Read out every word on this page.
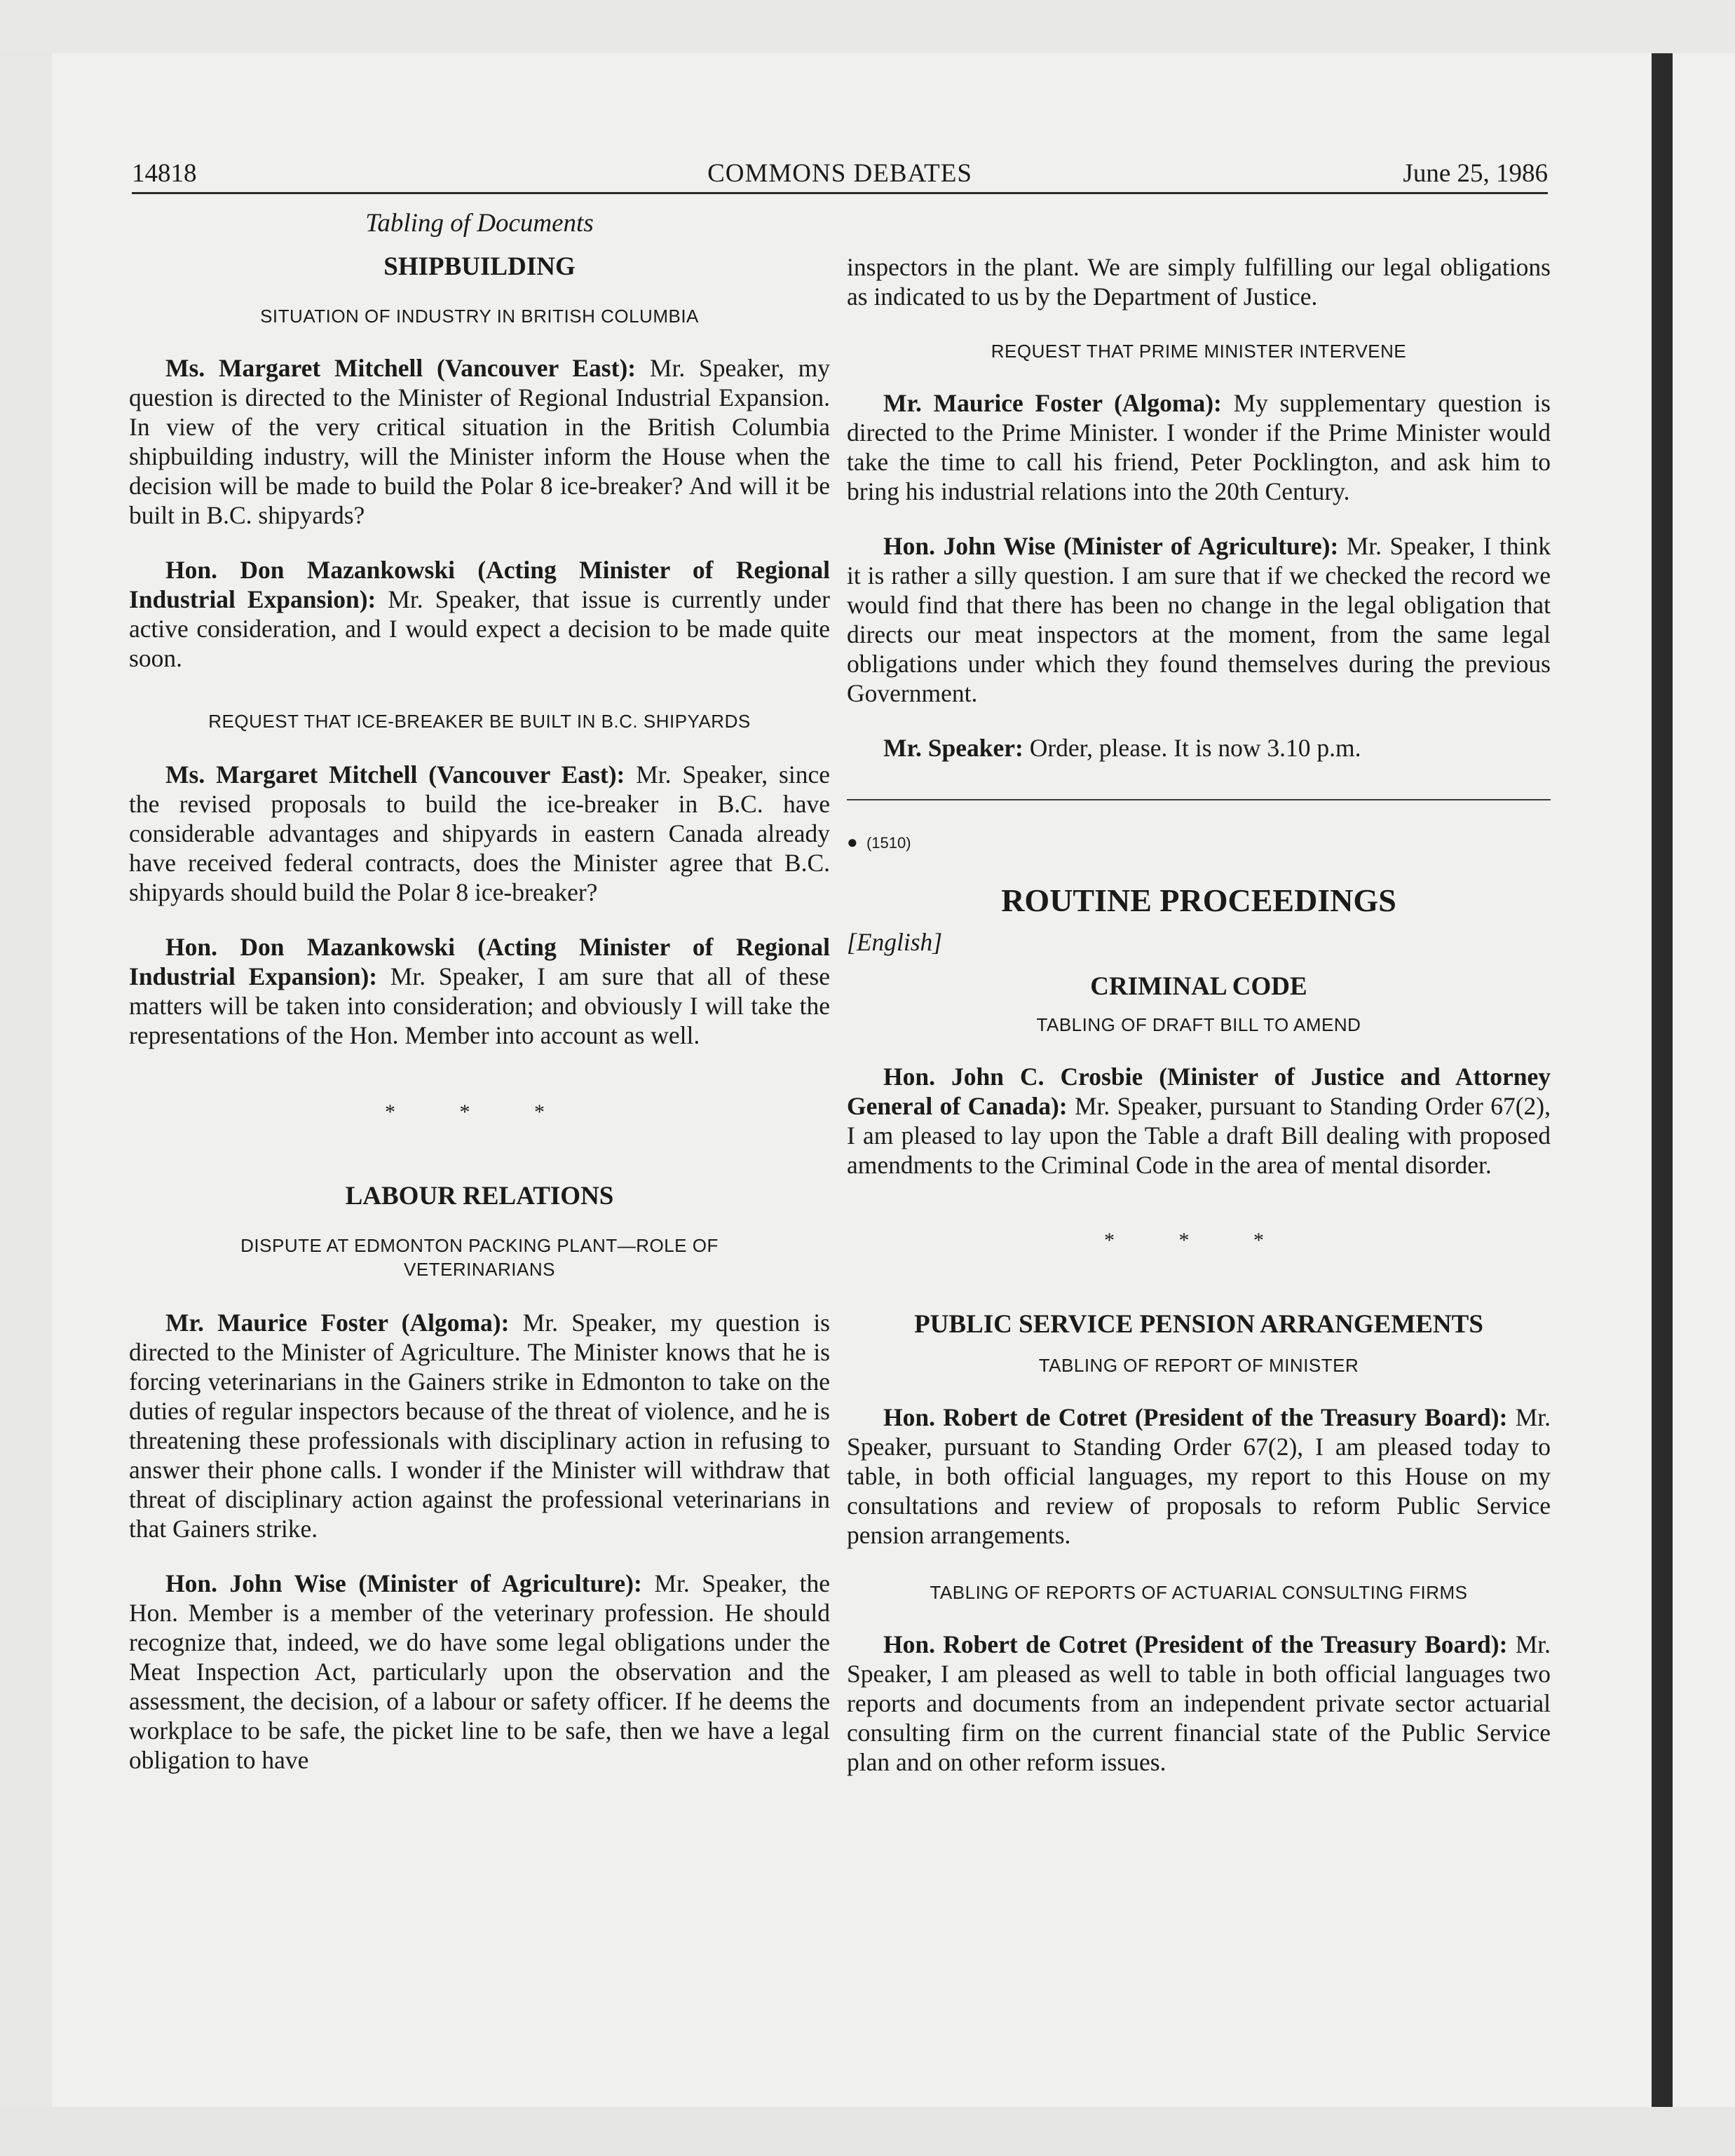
14818	COMMONS DEBATES	June 25, 1986

Tabling of Documents

SHIPBUILDING

SITUATION OF INDUSTRY IN BRITISH COLUMBIA

Ms. Margaret Mitchell (Vancouver East): Mr. Speaker, my question is directed to the Minister of Regional Industrial Expansion. In view of the very critical situation in the British Columbia shipbuilding industry, will the Minister inform the House when the decision will be made to build the Polar 8 ice-breaker? And will it be built in B.C. shipyards?

Hon. Don Mazankowski (Acting Minister of Regional Industrial Expansion): Mr. Speaker, that issue is currently under active consideration, and I would expect a decision to be made quite soon.

REQUEST THAT ICE-BREAKER BE BUILT IN B.C. SHIPYARDS

Ms. Margaret Mitchell (Vancouver East): Mr. Speaker, since the revised proposals to build the ice-breaker in B.C. have considerable advantages and shipyards in eastern Canada already have received federal contracts, does the Minister agree that B.C. shipyards should build the Polar 8 ice-breaker?

Hon. Don Mazankowski (Acting Minister of Regional Industrial Expansion): Mr. Speaker, I am sure that all of these matters will be taken into consideration; and obviously I will take the representations of the Hon. Member into account as well.

* * *

LABOUR RELATIONS

DISPUTE AT EDMONTON PACKING PLANT—ROLE OF VETERINARIANS

Mr. Maurice Foster (Algoma): Mr. Speaker, my question is directed to the Minister of Agriculture. The Minister knows that he is forcing veterinarians in the Gainers strike in Edmonton to take on the duties of regular inspectors because of the threat of violence, and he is threatening these professionals with disciplinary action in refusing to answer their phone calls. I wonder if the Minister will withdraw that threat of disciplinary action against the professional veterinarians in that Gainers strike.

Hon. John Wise (Minister of Agriculture): Mr. Speaker, the Hon. Member is a member of the veterinary profession. He should recognize that, indeed, we do have some legal obligations under the Meat Inspection Act, particularly upon the observation and the assessment, the decision, of a labour or safety officer. If he deems the workplace to be safe, the picket line to be safe, then we have a legal obligation to have

inspectors in the plant. We are simply fulfilling our legal obligations as indicated to us by the Department of Justice.

REQUEST THAT PRIME MINISTER INTERVENE

Mr. Maurice Foster (Algoma): My supplementary question is directed to the Prime Minister. I wonder if the Prime Minister would take the time to call his friend, Peter Pocklington, and ask him to bring his industrial relations into the 20th Century.

Hon. John Wise (Minister of Agriculture): Mr. Speaker, I think it is rather a silly question. I am sure that if we checked the record we would find that there has been no change in the legal obligation that directs our meat inspectors at the moment, from the same legal obligations under which they found themselves during the previous Government.

Mr. Speaker: Order, please. It is now 3.10 p.m.

● (1510)

ROUTINE PROCEEDINGS

[English]

CRIMINAL CODE

TABLING OF DRAFT BILL TO AMEND

Hon. John C. Crosbie (Minister of Justice and Attorney General of Canada): Mr. Speaker, pursuant to Standing Order 67(2), I am pleased to lay upon the Table a draft Bill dealing with proposed amendments to the Criminal Code in the area of mental disorder.

* * *

PUBLIC SERVICE PENSION ARRANGEMENTS

TABLING OF REPORT OF MINISTER

Hon. Robert de Cotret (President of the Treasury Board): Mr. Speaker, pursuant to Standing Order 67(2), I am pleased today to table, in both official languages, my report to this House on my consultations and review of proposals to reform Public Service pension arrangements.

TABLING OF REPORTS OF ACTUARIAL CONSULTING FIRMS

Hon. Robert de Cotret (President of the Treasury Board): Mr. Speaker, I am pleased as well to table in both official languages two reports and documents from an independent private sector actuarial consulting firm on the current financial state of the Public Service plan and on other reform issues.
